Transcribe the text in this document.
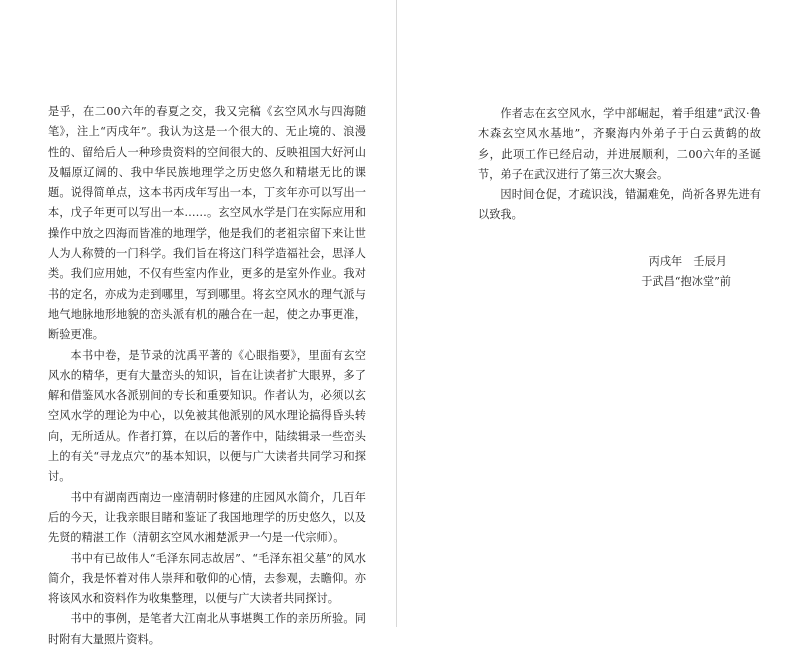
是乎，在二00六年的春夏之交，我又完稿《玄空风水与四海随笔》，注上“丙戌年”。我认为这是一个很大的、无止境的、浪漫性的、留给后人一种珍贵资料的空间很大的、反映祖国大好河山及幅原辽阔的、我中华民族地理学之历史悠久和精堪无比的课题。说得简单点，这本书丙戌年写出一本，丁亥年亦可以写出一本，戊子年更可以写出一本……。玄空风水学是门在实际应用和操作中放之四海而皆准的地理学，他是我们的老祖宗留下来让世人为人称赞的一门科学。我们旨在将这门科学造福社会，思泽人类。我们应用她，不仅有些室内作业，更多的是室外作业。我对书的定名，亦成为走到哪里，写到哪里。将玄空风水的理气派与地气地脉地形地貌的峦头派有机的融合在一起，使之办事更准，断验更准。

本书中卷，是节录的沈禹平著的《心眼指要》，里面有玄空风水的精华，更有大量峦头的知识，旨在让读者扩大眼界，多了解和借鉴风水各派别间的专长和重要知识。作者认为，必须以玄空风水学的理论为中心，以免被其他派别的风水理论搞得昏头转向，无所适从。作者打算，在以后的著作中，陆续辑录一些峦头上的有关“寻龙点穴”的基本知识，以便与广大读者共同学习和探讨。

书中有湖南西南边一座清朝时修建的庄园风水简介，几百年后的今天，让我亲眼目睹和鉴证了我国地理学的历史悠久，以及先贤的精湛工作（清朝玄空风水湘楚派尹一勺是一代宗师）。

书中有已故伟人“毛泽东同志故居”、“毛泽东祖父墓”的风水简介，我是怀着对伟人崇拜和敬仰的心情，去参观，去瞻仰。亦将该风水和资料作为收集整理，以便与广大读者共同探讨。

书中的事例，是笔者大江南北从事堪舆工作的亲历所验。同时附有大量照片资料。

作者志在玄空风水，学中部崛起，着手组建“武汉·鲁木森玄空风水基地”，齐聚海内外弟子于白云黄鹤的故乡，此项工作已经启动，并进展顺利，二00六年的圣诞节，弟子在武汉进行了第三次大聚会。

因时间仓促，才疏识浅，错漏难免，尚祈各界先进有以致我。

丙戌年　壬辰月

于武昌“抱冰堂”前
